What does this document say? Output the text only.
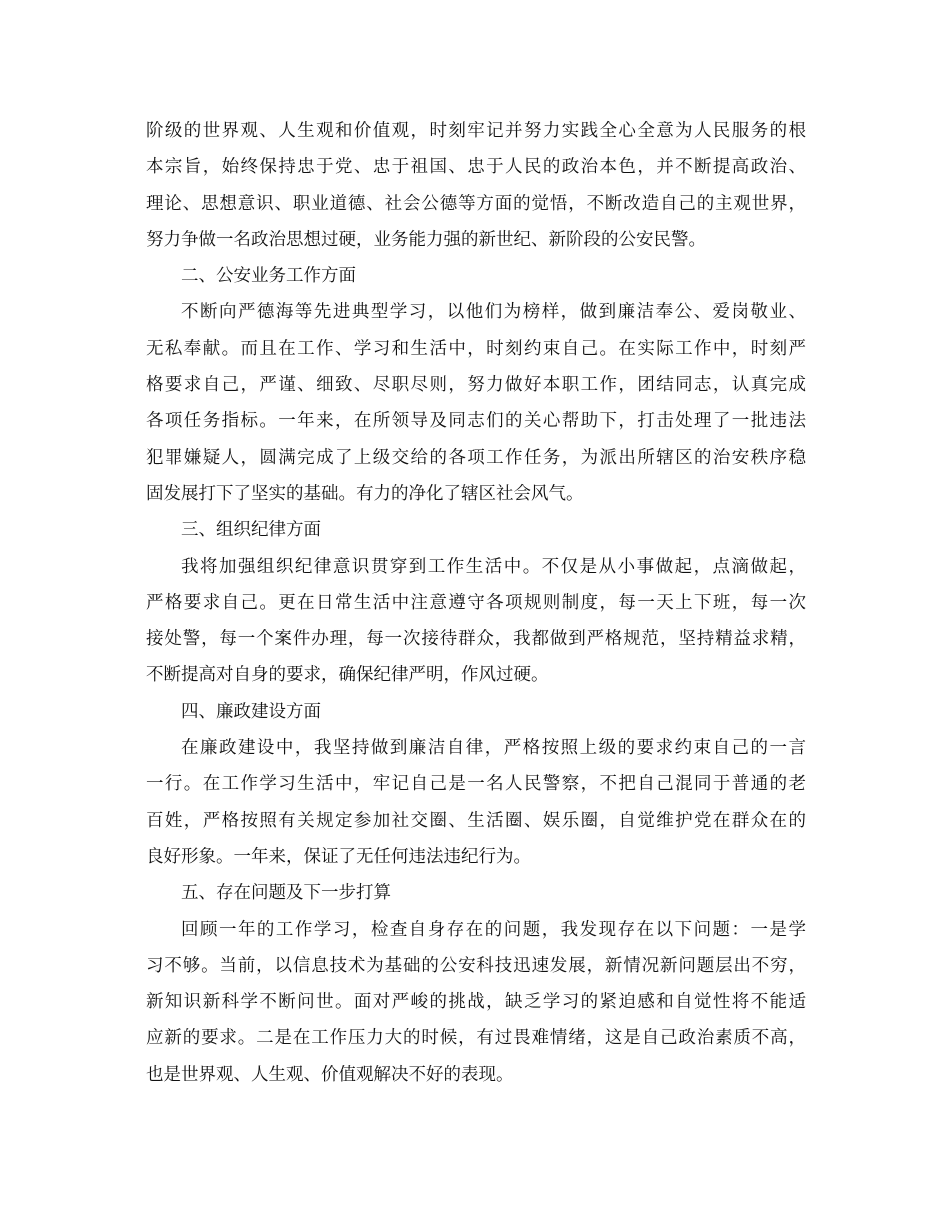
阶级的世界观、人生观和价值观，时刻牢记并努力实践全心全意为人民服务的根
本宗旨，始终保持忠于党、忠于祖国、忠于人民的政治本色，并不断提高政治、
理论、思想意识、职业道德、社会公德等方面的觉悟，不断改造自己的主观世界，
努力争做一名政治思想过硬，业务能力强的新世纪、新阶段的公安民警。
二、公安业务工作方面
不断向严德海等先进典型学习，以他们为榜样，做到廉洁奉公、爱岗敬业、
无私奉献。而且在工作、学习和生活中，时刻约束自己。在实际工作中，时刻严
格要求自己，严谨、细致、尽职尽则，努力做好本职工作，团结同志，认真完成
各项任务指标。一年来，在所领导及同志们的关心帮助下，打击处理了一批违法
犯罪嫌疑人，圆满完成了上级交给的各项工作任务，为派出所辖区的治安秩序稳
固发展打下了坚实的基础。有力的净化了辖区社会风气。
三、组织纪律方面
我将加强组织纪律意识贯穿到工作生活中。不仅是从小事做起，点滴做起，
严格要求自己。更在日常生活中注意遵守各项规则制度，每一天上下班，每一次
接处警，每一个案件办理，每一次接待群众，我都做到严格规范，坚持精益求精，
不断提高对自身的要求，确保纪律严明，作风过硬。
四、廉政建设方面
在廉政建设中，我坚持做到廉洁自律，严格按照上级的要求约束自己的一言
一行。在工作学习生活中，牢记自己是一名人民警察，不把自己混同于普通的老
百姓，严格按照有关规定参加社交圈、生活圈、娱乐圈，自觉维护党在群众在的
良好形象。一年来，保证了无任何违法违纪行为。
五、存在问题及下一步打算
回顾一年的工作学习，检查自身存在的问题，我发现存在以下问题：一是学
习不够。当前，以信息技术为基础的公安科技迅速发展，新情况新问题层出不穷，
新知识新科学不断问世。面对严峻的挑战，缺乏学习的紧迫感和自觉性将不能适
应新的要求。二是在工作压力大的时候，有过畏难情绪，这是自己政治素质不高，
也是世界观、人生观、价值观解决不好的表现。
